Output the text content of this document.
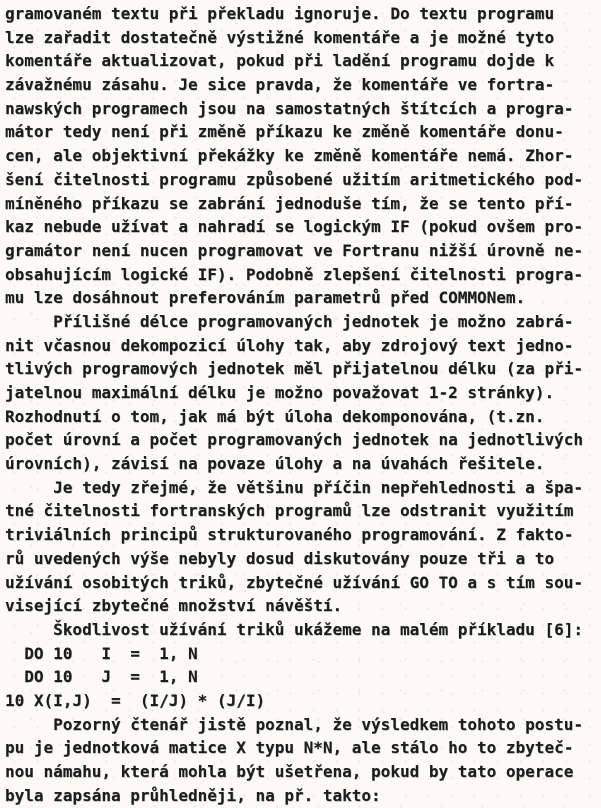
gramovaném textu při překladu ignoruje. Do textu programu
lze zařadit dostatečně výstižné komentáře a je možné tyto
komentáře aktualizovat, pokud při ladění programu dojde k
závažnému zásahu. Je sice pravda, že komentáře ve fortra-
nawských programech jsou na samostatných štítcích a progra-
mátor tedy není při změně příkazu ke změně komentáře donu-
cen, ale objektivní překážky ke změně komentáře nemá. Zhor-
šení čitelnosti programu způsobené užitím aritmetického pod-
míněného příkazu se zabrání jednoduše tím, že se tento pří-
kaz nebude užívat a nahradí se logickým IF (pokud ovšem pro-
gramátor není nucen programovat ve Fortranu nižší úrovně ne-
obsahujícím logické IF). Podobně zlepšení čitelnosti progra-
mu lze dosáhnout preferováním parametrů před COMMONem.
Přílišné délce programovaných jednotek je možno zabrá-
nit včasnou dekompozicí úlohy tak, aby zdrojový text jedno-
tlivých programových jednotek měl přijatelnou délku (za při-
jatelnou maximální délku je možno považovat 1-2 stránky).
Rozhodnutí o tom, jak má být úloha dekomponována, (t.zn.
počet úrovní a počet programovaných jednotek na jednotlivých
úrovních), závisí na povaze úlohy a na úvahách řešitele.
Je tedy zřejmé, že většinu příčin nepřehlednosti a špa-
tné čitelnosti fortranských programů lze odstranit využitím
triviálních principů strukturovaného programování. Z fakto-
rů uvedených výše nebyly dosud diskutovány pouze tři a to
užívání osobitých triků, zbytečné užívání GO TO a s tím sou-
visející zbytečné množství návěští.
Škodlivost užívání triků ukážeme na malém příkladu [6]:
DO 10   I  =  1, N
DO 10   J  =  1, N
10 X(I,J)  =  (I/J) * (J/I)
Pozorný čtenář jistě poznal, že výsledkem tohoto postu-
pu je jednotková matice X typu N*N, ale stálo ho to zbyteč-
nou námahu, která mohla být ušetřena, pokud by tato operace
byla zapsána průhledněji, na př. takto:
